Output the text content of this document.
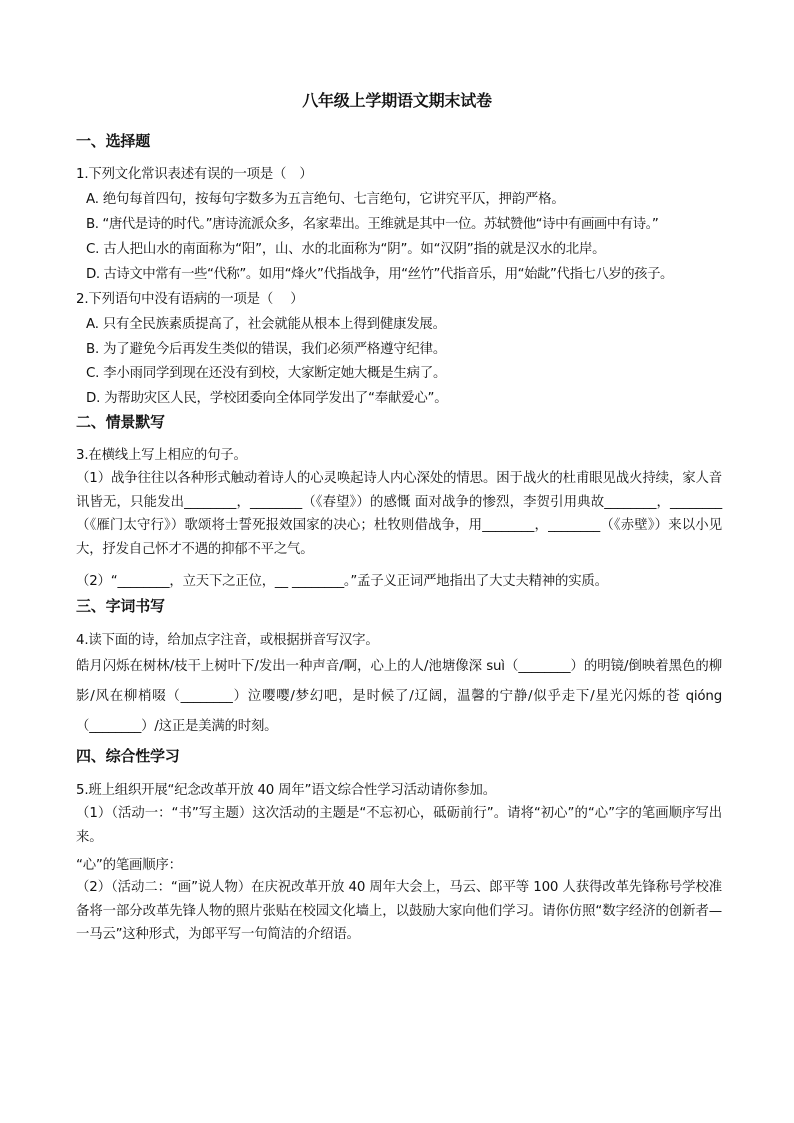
八年级上学期语文期末试卷
一、选择题
1.下列文化常识表述有误的一项是（　）
A. 绝句每首四句，按每句字数多为五言绝句、七言绝句，它讲究平仄，押韵严格。
B. “唐代是诗的时代。”唐诗流派众多，名家辈出。王维就是其中一位。苏轼赞他“诗中有画画中有诗。”
C. 古人把山水的南面称为“阳”，山、水的北面称为“阴”。如“汉阴”指的就是汉水的北岸。
D. 古诗文中常有一些“代称”。如用“烽火”代指战争，用“丝竹”代指音乐，用“始龀”代指七八岁的孩子。
2.下列语句中没有语病的一项是（　 ）
A. 只有全民族素质提高了，社会就能从根本上得到健康发展。
B. 为了避免今后再发生类似的错误，我们必须严格遵守纪律。
C. 李小雨同学到现在还没有到校，大家断定她大概是生病了。
D. 为帮助灾区人民，学校团委向全体同学发出了“奉献爱心”。
二、情景默写
3.在横线上写上相应的句子。
（1）战争往往以各种形式触动着诗人的心灵唤起诗人内心深处的情思。困于战火的杜甫眼见战火持续，家人音讯皆无，只能发出________，________（《春望》）的感慨 面对战争的惨烈，李贺引用典故________，________（《雁门太守行》）歌颂将士誓死报效国家的决心；杜牧则借战争，用________，________（《赤壁》）来以小见大，抒发自己怀才不遇的抑郁不平之气。
（2）“________，立天下之正位，__ ________。”孟子义正词严地指出了大丈夫精神的实质。
三、字词书写
4.读下面的诗，给加点字注音，或根据拼音写汉字。
皓月闪烁在树林/枝干上树叶下/发出一种声音/啊，心上的人/池塘像深 suì（________）的明镜/倒映着黑色的柳影/风在柳梢啜（________）泣嘤嘤/梦幻吧，是时候了/辽阔，温馨的宁静/似乎走下/星光闪烁的苍 qióng（________）/这正是美满的时刻。
四、综合性学习
5.班上组织开展“纪念改革开放 40 周年”语文综合性学习活动请你参加。
（1）（活动一：“书”写主题）这次活动的主题是“不忘初心，砥砺前行”。请将“初心”的“心”字的笔画顺序写出来。
“心”的笔画顺序：
（2）（活动二：“画”说人物）在庆祝改革开放 40 周年大会上，马云、郎平等 100 人获得改革先锋称号学校准备将一部分改革先锋人物的照片张贴在校园文化墙上，以鼓励大家向他们学习。请你仿照“数字经济的创新者—一马云”这种形式，为郎平写一句简洁的介绍语。
